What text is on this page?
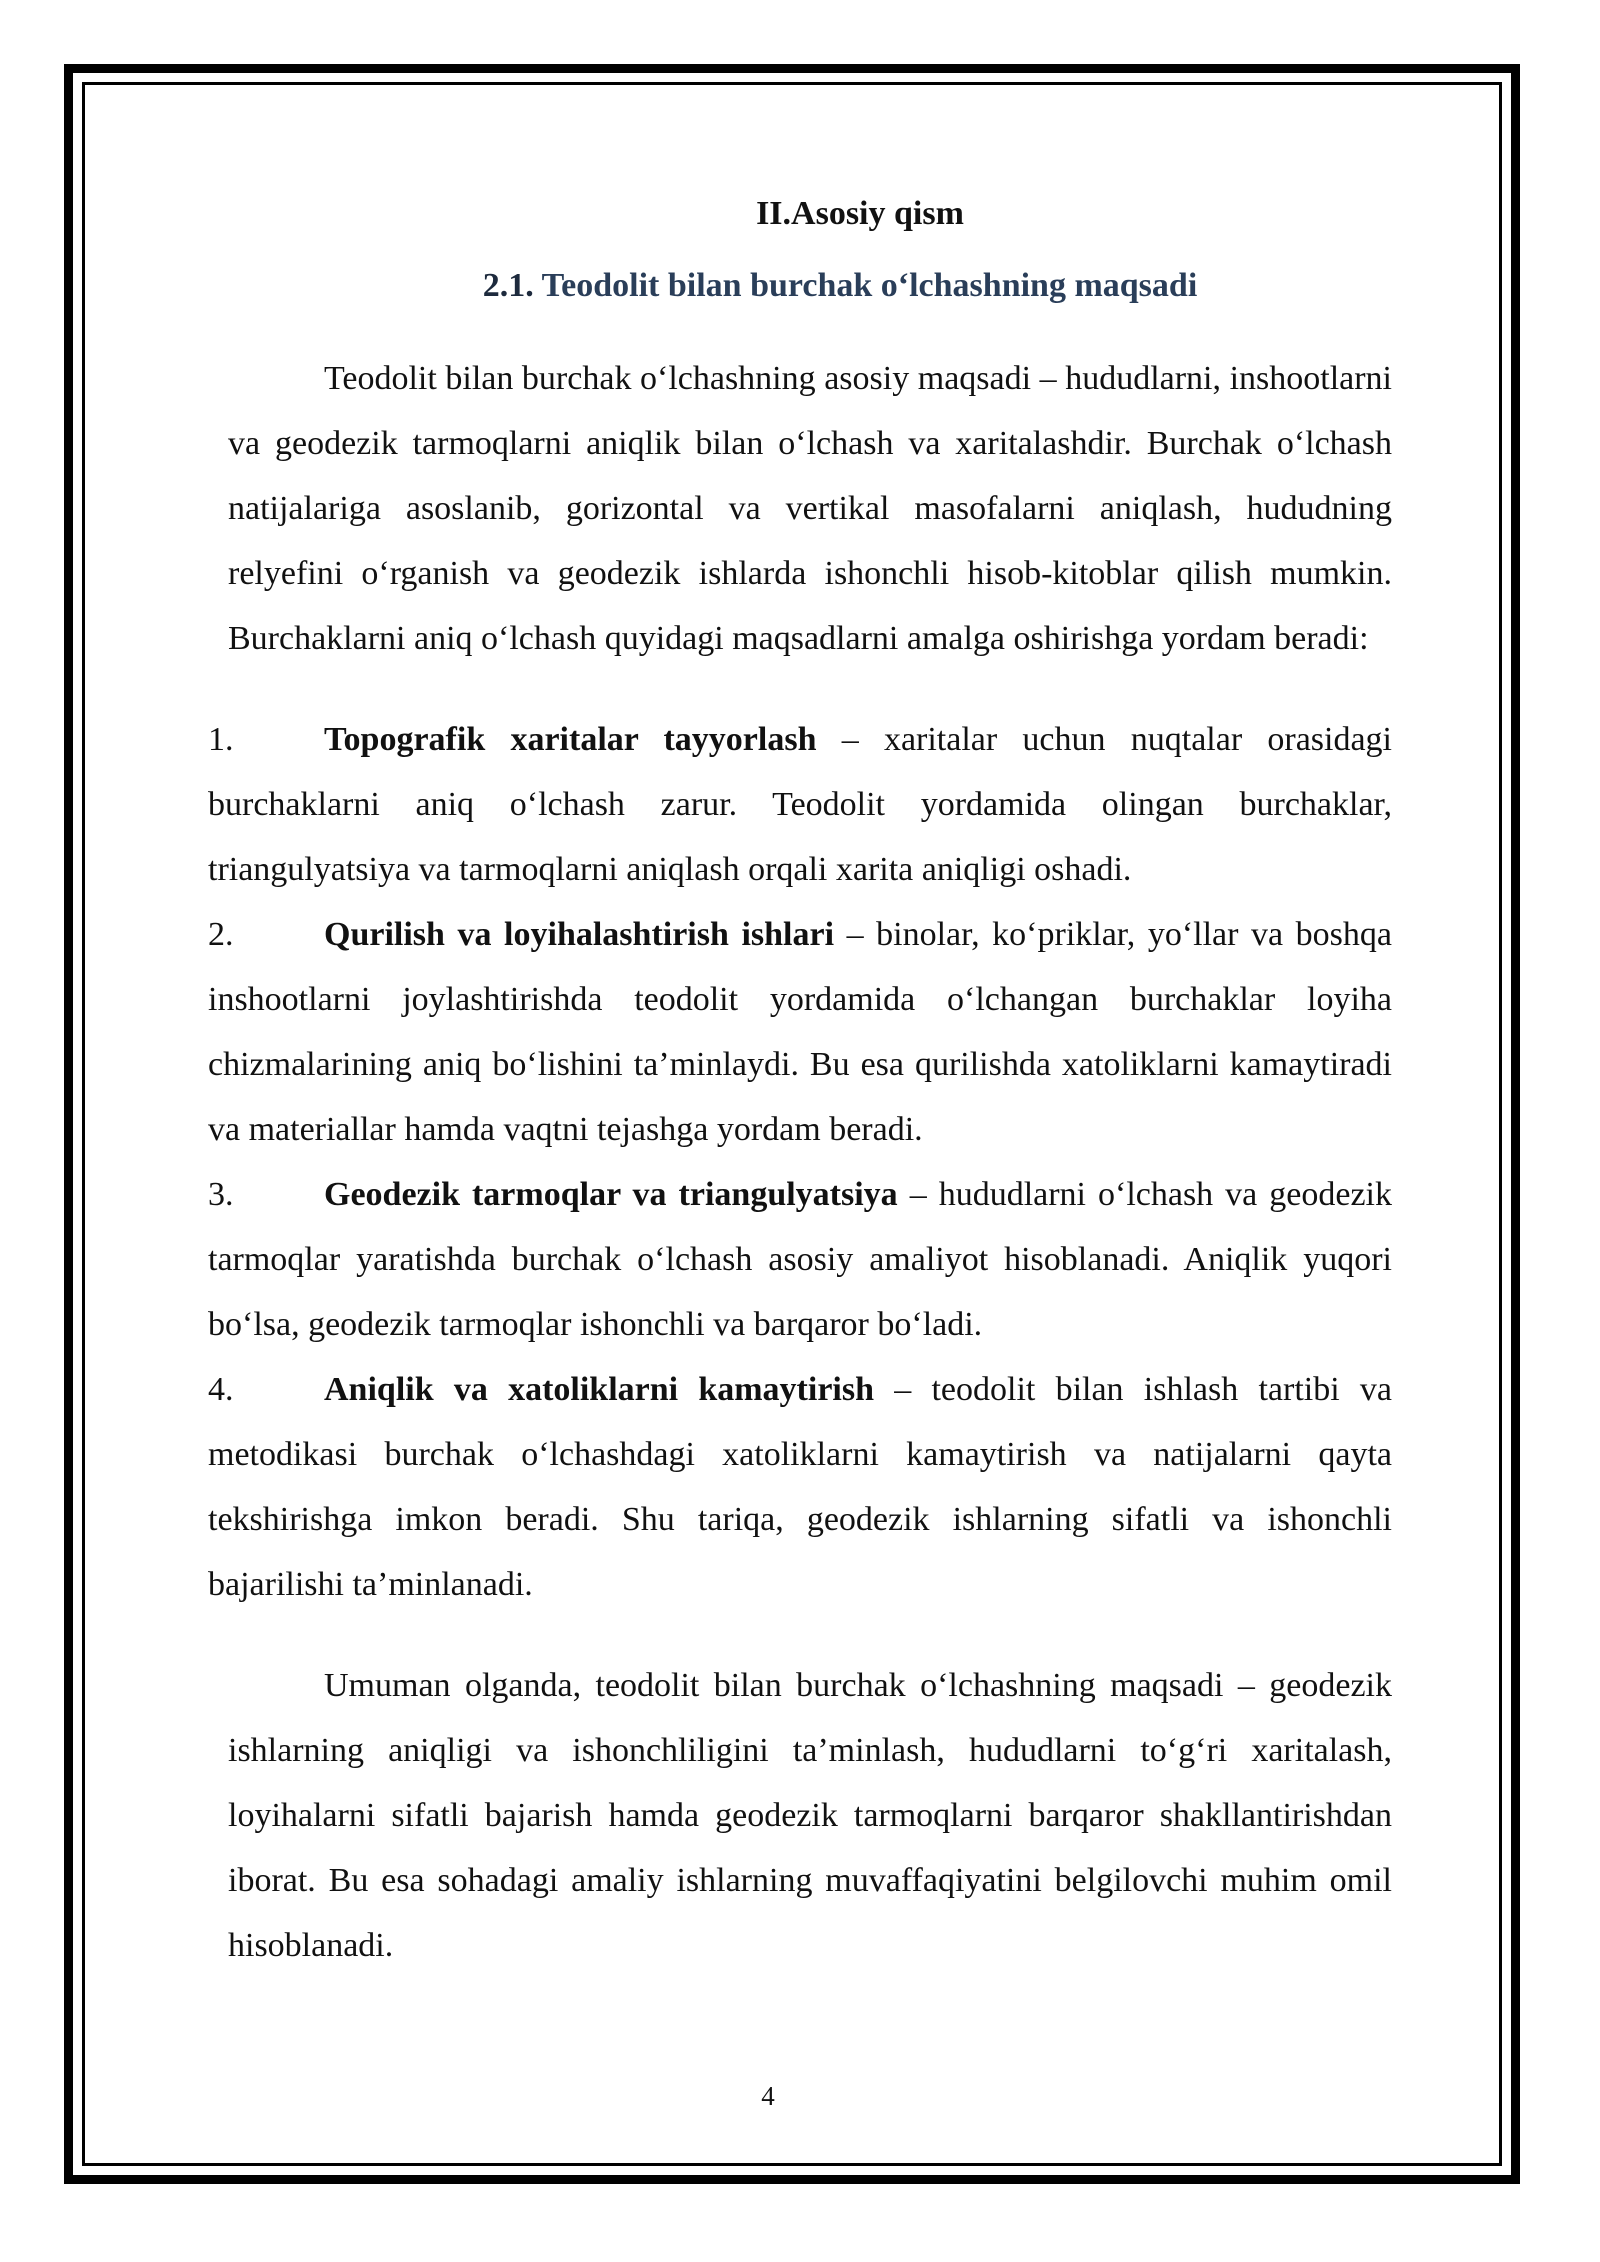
II.Asosiy qism

2.1. Teodolit bilan burchak o‘lchashning maqsadi

Teodolit bilan burchak o‘lchashning asosiy maqsadi – hududlarni, inshootlarni va geodezik tarmoqlarni aniqlik bilan o‘lchash va xaritalashdir. Burchak o‘lchash natijalariga asoslanib, gorizontal va vertikal masofalarni aniqlash, hududning relyefini o‘rganish va geodezik ishlarda ishonchli hisob-kitoblar qilish mumkin. Burchaklarni aniq o‘lchash quyidagi maqsadlarni amalga oshirishga yordam beradi:

1.	Topografik xaritalar tayyorlash – xaritalar uchun nuqtalar orasidagi burchaklarni aniq o‘lchash zarur. Teodolit yordamida olingan burchaklar, triangulyatsiya va tarmoqlarni aniqlash orqali xarita aniqligi oshadi.

2.	Qurilish va loyihalashtirish ishlari – binolar, ko‘priklar, yo‘llar va boshqa inshootlarni joylashtirishda teodolit yordamida o‘lchangan burchaklar loyiha chizmalarining aniq bo‘lishini ta’minlaydi. Bu esa qurilishda xatoliklarni kamaytiradi va materiallar hamda vaqtni tejashga yordam beradi.

3.	Geodezik tarmoqlar va triangulyatsiya – hududlarni o‘lchash va geodezik tarmoqlar yaratishda burchak o‘lchash asosiy amaliyot hisoblanadi. Aniqlik yuqori bo‘lsa, geodezik tarmoqlar ishonchli va barqaror bo‘ladi.

4.	Aniqlik va xatoliklarni kamaytirish – teodolit bilan ishlash tartibi va metodikasi burchak o‘lchashdagi xatoliklarni kamaytirish va natijalarni qayta tekshirishga imkon beradi. Shu tariqa, geodezik ishlarning sifatli va ishonchli bajarilishi ta’minlanadi.

Umuman olganda, teodolit bilan burchak o‘lchashning maqsadi – geodezik ishlarning aniqligi va ishonchliligini ta’minlash, hududlarni to‘g‘ri xaritalash, loyihalarni sifatli bajarish hamda geodezik tarmoqlarni barqaror shakllantirishdan iborat. Bu esa sohadagi amaliy ishlarning muvaffaqiyatini belgilovchi muhim omil hisoblanadi.

4
